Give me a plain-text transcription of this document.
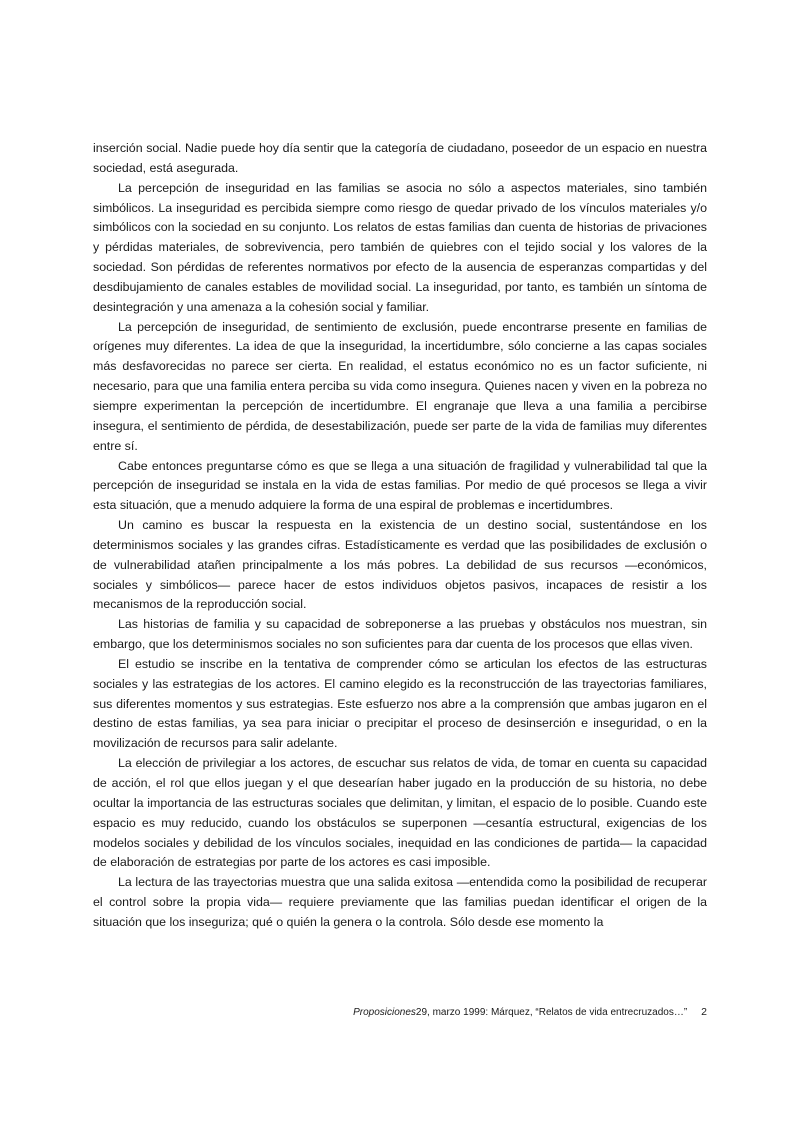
inserción social. Nadie puede hoy día sentir que la categoría de ciudadano, poseedor de un espacio en nuestra sociedad, está asegurada.

La percepción de inseguridad en las familias se asocia no sólo a aspectos materiales, sino también simbólicos. La inseguridad es percibida siempre como riesgo de quedar privado de los vínculos materiales y/o simbólicos con la sociedad en su conjunto. Los relatos de estas familias dan cuenta de historias de privaciones y pérdidas materiales, de sobrevivencia, pero también de quiebres con el tejido social y los valores de la sociedad. Son pérdidas de referentes normativos por efecto de la ausencia de esperanzas compartidas y del desdibujamiento de canales estables de movilidad social. La inseguridad, por tanto, es también un síntoma de desintegración y una amenaza a la cohesión social y familiar.

La percepción de inseguridad, de sentimiento de exclusión, puede encontrarse presente en familias de orígenes muy diferentes. La idea de que la inseguridad, la incertidumbre, sólo concierne a las capas sociales más desfavorecidas no parece ser cierta. En realidad, el estatus económico no es un factor suficiente, ni necesario, para que una familia entera perciba su vida como insegura. Quienes nacen y viven en la pobreza no siempre experimentan la percepción de incertidumbre. El engranaje que lleva a una familia a percibirse insegura, el sentimiento de pérdida, de desestabilización, puede ser parte de la vida de familias muy diferentes entre sí.

Cabe entonces preguntarse cómo es que se llega a una situación de fragilidad y vulnerabilidad tal que la percepción de inseguridad se instala en la vida de estas familias. Por medio de qué procesos se llega a vivir esta situación, que a menudo adquiere la forma de una espiral de problemas e incertidumbres.

Un camino es buscar la respuesta en la existencia de un destino social, sustentándose en los determinismos sociales y las grandes cifras. Estadísticamente es verdad que las posibilidades de exclusión o de vulnerabilidad atañen principalmente a los más pobres. La debilidad de sus recursos —económicos, sociales y simbólicos— parece hacer de estos individuos objetos pasivos, incapaces de resistir a los mecanismos de la reproducción social.

Las historias de familia y su capacidad de sobreponerse a las pruebas y obstáculos nos muestran, sin embargo, que los determinismos sociales no son suficientes para dar cuenta de los procesos que ellas viven.

El estudio se inscribe en la tentativa de comprender cómo se articulan los efectos de las estructuras sociales y las estrategias de los actores. El camino elegido es la reconstrucción de las trayectorias familiares, sus diferentes momentos y sus estrategias. Este esfuerzo nos abre a la comprensión que ambas jugaron en el destino de estas familias, ya sea para iniciar o precipitar el proceso de desinserción e inseguridad, o en la movilización de recursos para salir adelante.

La elección de privilegiar a los actores, de escuchar sus relatos de vida, de tomar en cuenta su capacidad de acción, el rol que ellos juegan y el que desearían haber jugado en la producción de su historia, no debe ocultar la importancia de las estructuras sociales que delimitan, y limitan, el espacio de lo posible. Cuando este espacio es muy reducido, cuando los obstáculos se superponen —cesantía estructural, exigencias de los modelos sociales y debilidad de los vínculos sociales, inequidad en las condiciones de partida— la capacidad de elaboración de estrategias por parte de los actores es casi imposible.

La lectura de las trayectorias muestra que una salida exitosa —entendida como la posibilidad de recuperar el control sobre la propia vida— requiere previamente que las familias puedan identificar el origen de la situación que los inseguriza; qué o quién la genera o la controla. Sólo desde ese momento la

Proposiciones29, marzo 1999: Márquez, “Relatos de vida entrecruzados…” 2
